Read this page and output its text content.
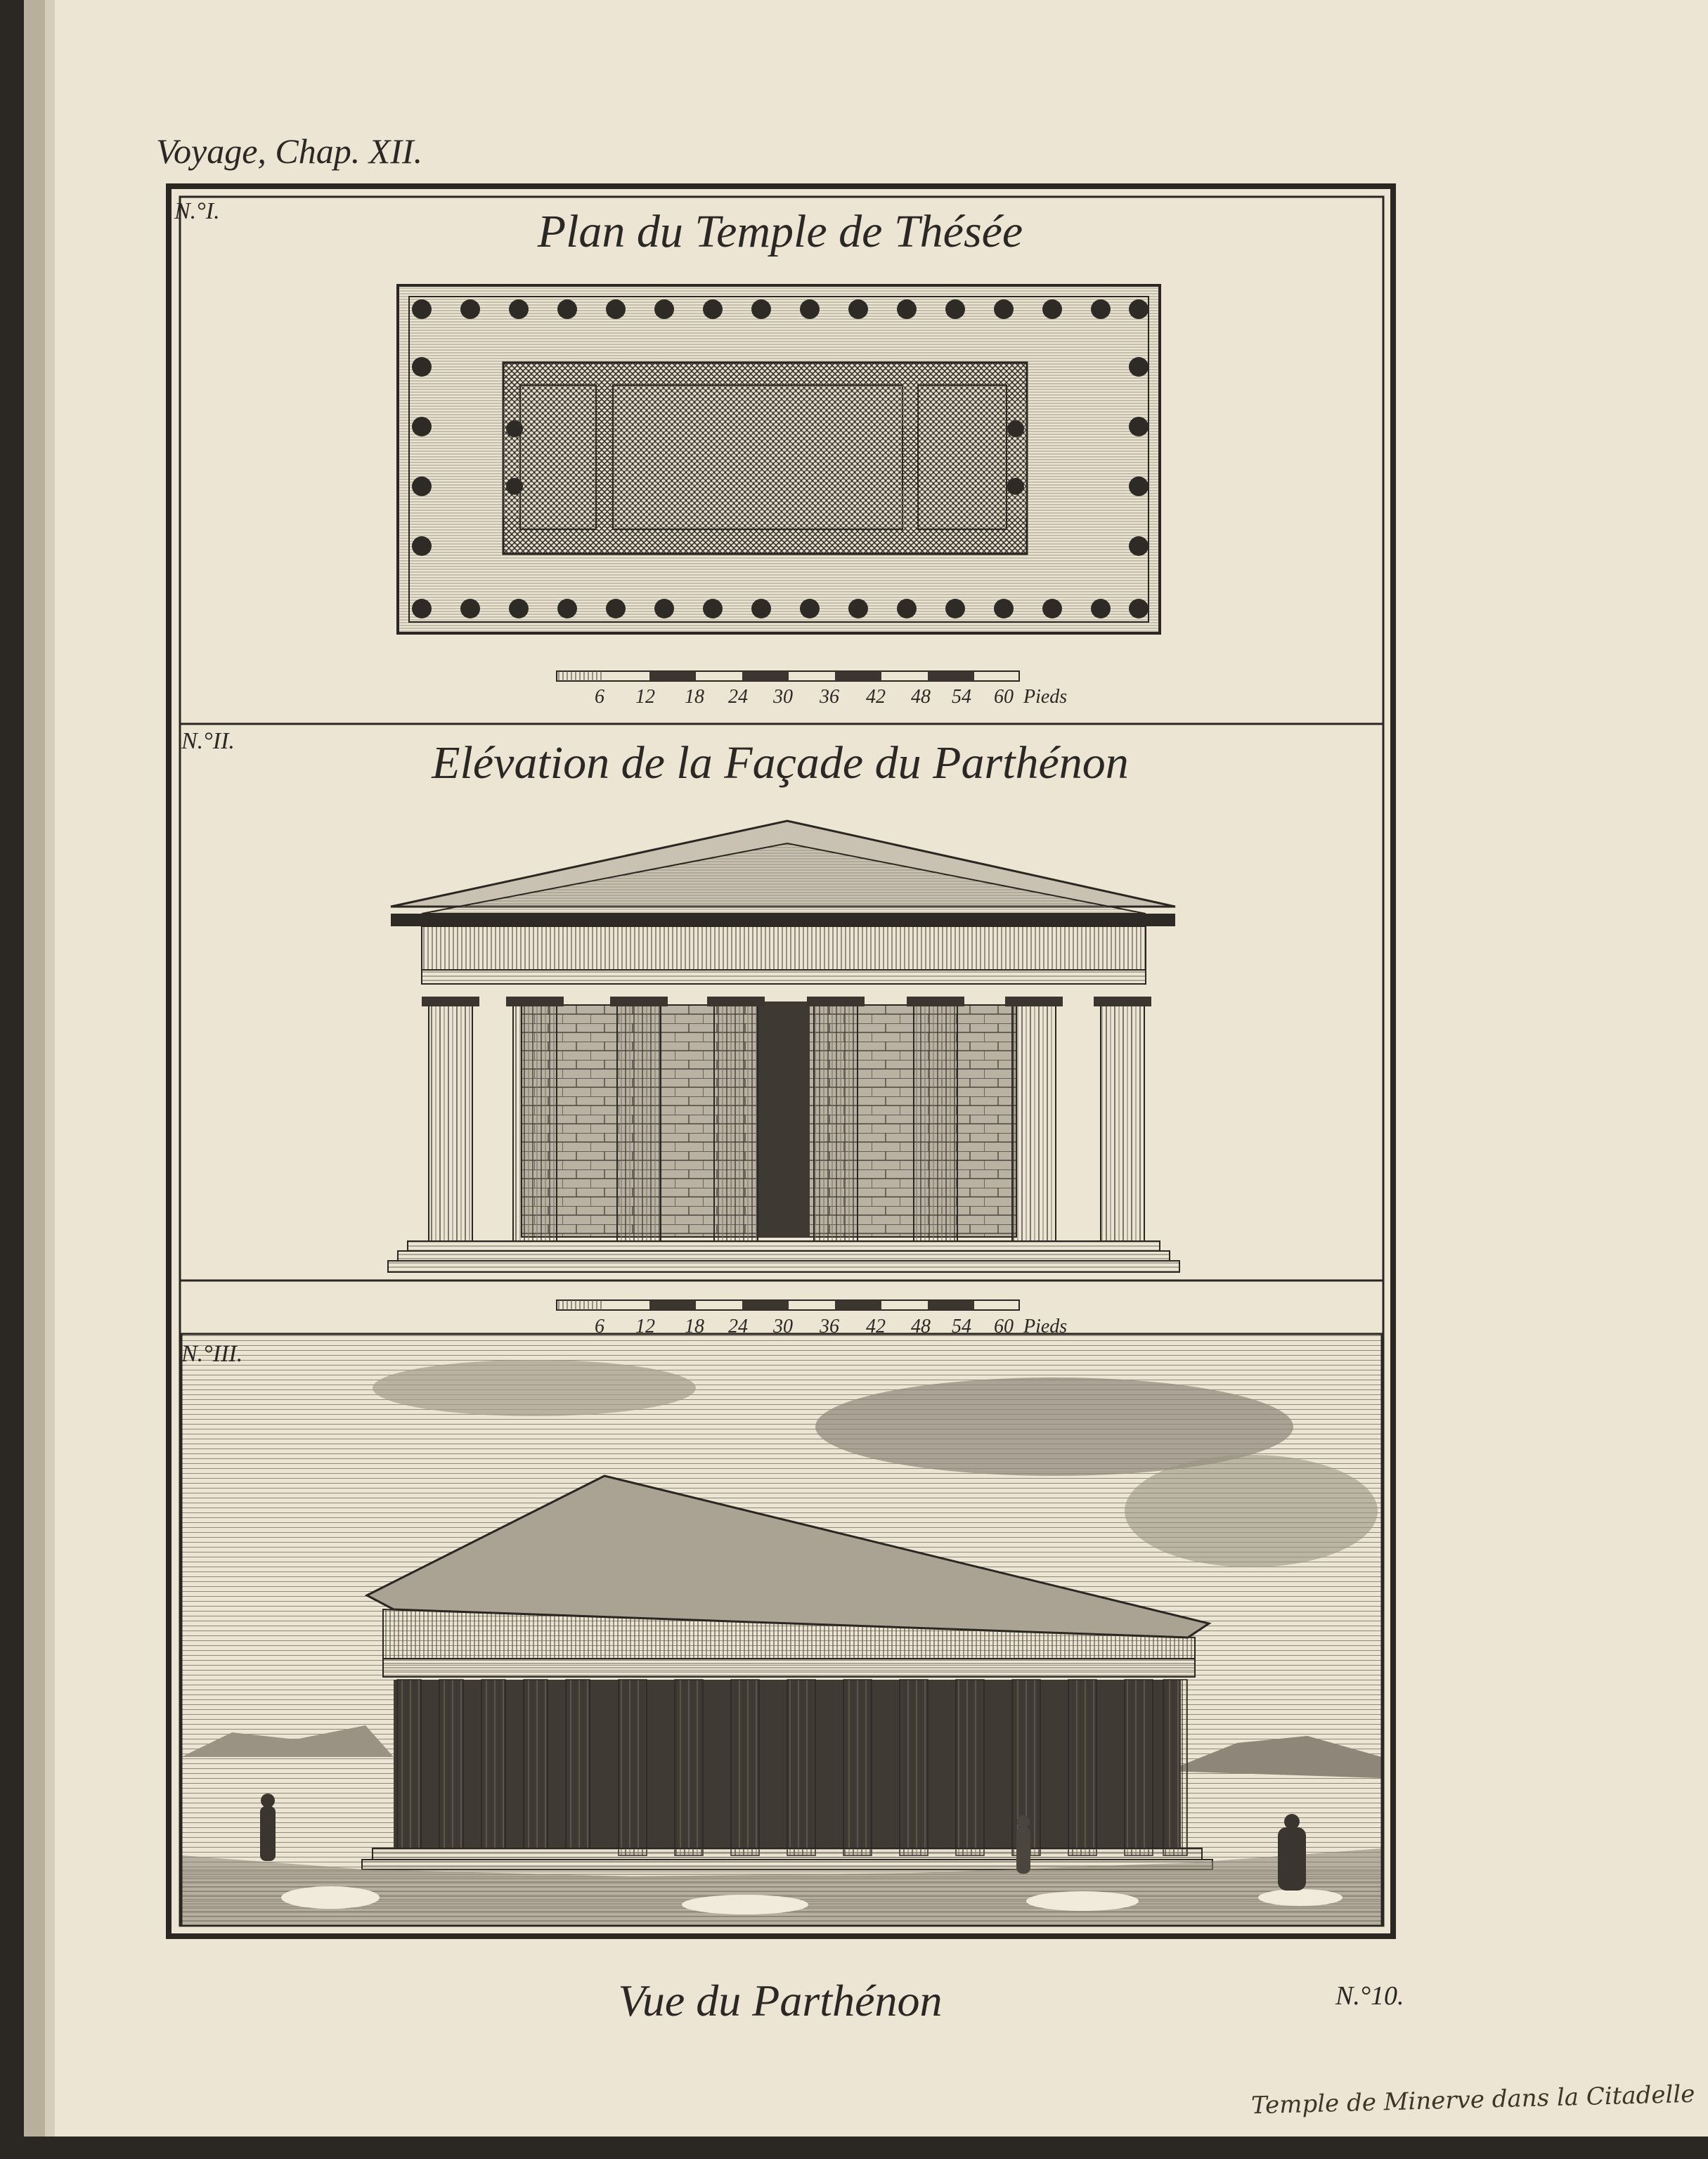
Voyage, Chap. XII.
N.°I.	Plan du Temple de Thésée
N.°II.	Elévation de la Façade du Parthénon
N.°III.
6 12 18 24 30 36 42 48 54 60 Pieds
6 12 18 24 30 36 42 48 54 60 Pieds
Vue du Parthénon	N.°10.
Temple de Minerve dans la Citadelle
